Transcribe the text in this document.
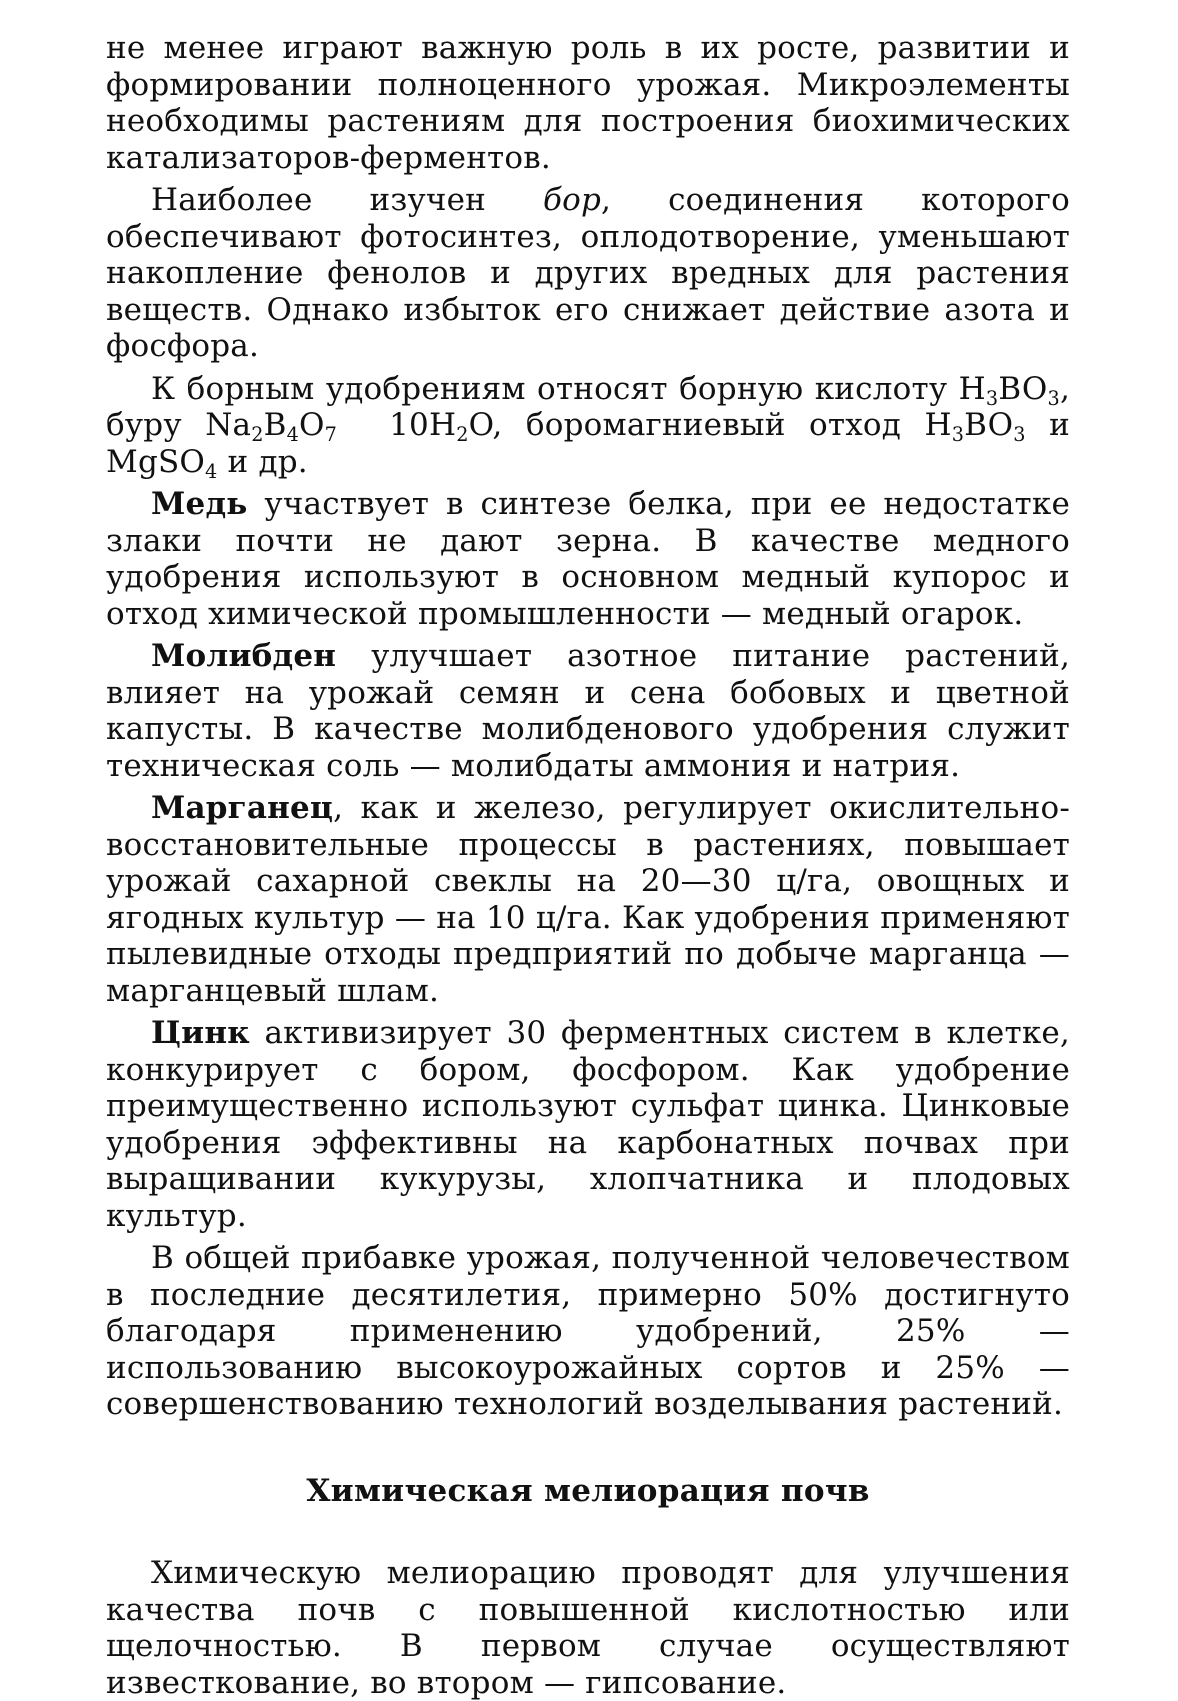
не менее играют важную роль в их росте, развитии и формировании полноценного урожая. Микроэлементы необходимы растениям для построения биохимических катализаторов-ферментов.

Наиболее изучен бор, соединения которого обеспечивают фотосинтез, оплодотворение, уменьшают накопление фенолов и других вредных для растения веществ. Однако избыток его снижает действие азота и фосфора.

К борным удобрениям относят борную кислоту $H_3BO_3$, буру $Na_2B_4O_7$ $10H_2O$, боромагниевый отход $H_3BO_3$ и MgSO$_4$ и др.

Медь участвует в синтезе белка, при ее недостатке злаки почти не дают зерна. В качестве медного удобрения используют в основном медный купорос и отход химической промышленности — медный огарок.

Молибден улучшает азотное питание растений, влияет на урожай семян и сена бобовых и цветной капусты. В качестве молибденового удобрения служит техническая соль — молибдаты аммония и натрия.

Марганец, как и железо, регулирует окислительно-восстановительные процессы в растениях, повышает урожай сахарной свеклы на 20—30 ц/га, овощных и ягодных культур — на 10 ц/га. Как удобрения применяют пылевидные отходы предприятий по добыче марганца — марганцевый шлам.

Цинк активизирует 30 ферментных систем в клетке, конкурирует с бором, фосфором. Как удобрение преимущественно используют сульфат цинка. Цинковые удобрения эффективны на карбонатных почвах при выращивании кукурузы, хлопчатника и плодовых культур.

В общей прибавке урожая, полученной человечеством в последние десятилетия, примерно 50% достигнуто благодаря применению удобрений, 25% — использованию высокоурожайных сортов и 25% — совершенствованию технологий возделывания растений.

Химическая мелиорация почв

Химическую мелиорацию проводят для улучшения качества почв с повышенной кислотностью или щелочностью. В первом случае осуществляют известкование, во втором — гипсование.
